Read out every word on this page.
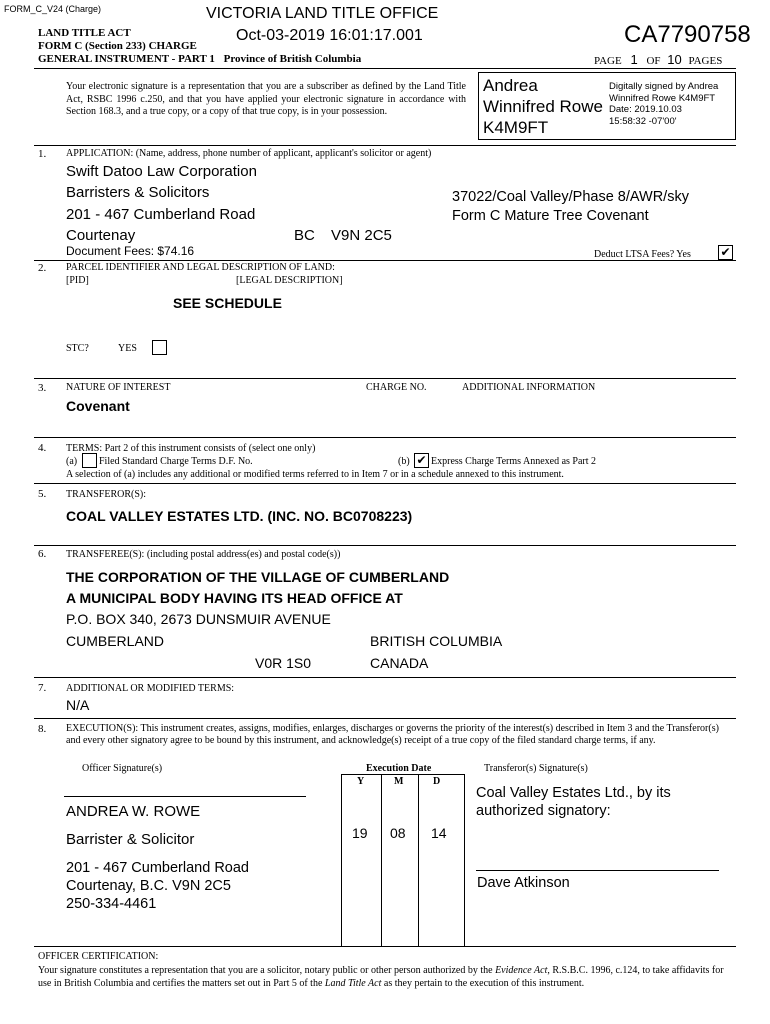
FORM_C_V24 (Charge)	VICTORIA LAND TITLE OFFICE
Oct-03-2019 16:01:17.001	CA7790758
LAND TITLE ACT
FORM C (Section 233) CHARGE
GENERAL INSTRUMENT - PART 1 Province of British Columbia	PAGE 1 OF 10 PAGES
Your electronic signature is a representation that you are a subscriber as defined by the Land Title Act, RSBC 1996 c.250, and that you have applied your electronic signature in accordance with Section 168.3, and a true copy, or a copy of that true copy, is in your possession.
Andrea
Winnifred Rowe
K4M9FT
Digitally signed by Andrea
Winnifred Rowe K4M9FT
Date: 2019.10.03
15:58:32 -07'00'
1. APPLICATION: (Name, address, phone number of applicant, applicant's solicitor or agent)
Swift Datoo Law Corporation
Barristers & Solicitors
201 - 467 Cumberland Road
Courtenay	BC V9N 2C5
37022/Coal Valley/Phase 8/AWR/sky
Form C Mature Tree Covenant
Document Fees: $74.16	Deduct LTSA Fees? Yes ✔
2. PARCEL IDENTIFIER AND LEGAL DESCRIPTION OF LAND:
[PID]	[LEGAL DESCRIPTION]
SEE SCHEDULE
STC?	YES
3. NATURE OF INTEREST	CHARGE NO.	ADDITIONAL INFORMATION
Covenant
4. TERMS: Part 2 of this instrument consists of (select one only)
(a) Filed Standard Charge Terms D.F. No.	(b) ✔ Express Charge Terms Annexed as Part 2
A selection of (a) includes any additional or modified terms referred to in Item 7 or in a schedule annexed to this instrument.
5. TRANSFEROR(S):
COAL VALLEY ESTATES LTD. (INC. NO. BC0708223)
6. TRANSFEREE(S): (including postal address(es) and postal code(s))
THE CORPORATION OF THE VILLAGE OF CUMBERLAND
A MUNICIPAL BODY HAVING ITS HEAD OFFICE AT
P.O. BOX 340, 2673 DUNSMUIR AVENUE
CUMBERLAND	BRITISH COLUMBIA
V0R 1S0	CANADA
7. ADDITIONAL OR MODIFIED TERMS:
N/A
8. EXECUTION(S): This instrument creates, assigns, modifies, enlarges, discharges or governs the priority of the interest(s) described in Item 3 and the Transferor(s) and every other signatory agree to be bound by this instrument, and acknowledge(s) receipt of a true copy of the filed standard charge terms, if any.
Officer Signature(s)	Execution Date	Transferor(s) Signature(s)
Y	M	D
19 08 14
ANDREA W. ROWE
Barrister & Solicitor
201 - 467 Cumberland Road
Courtenay, B.C. V9N 2C5
250-334-4461
Coal Valley Estates Ltd., by its
authorized signatory:
Dave Atkinson
OFFICER CERTIFICATION:
Your signature constitutes a representation that you are a solicitor, notary public or other person authorized by the Evidence Act, R.S.B.C. 1996, c.124, to take affidavits for use in British Columbia and certifies the matters set out in Part 5 of the Land Title Act as they pertain to the execution of this instrument.
